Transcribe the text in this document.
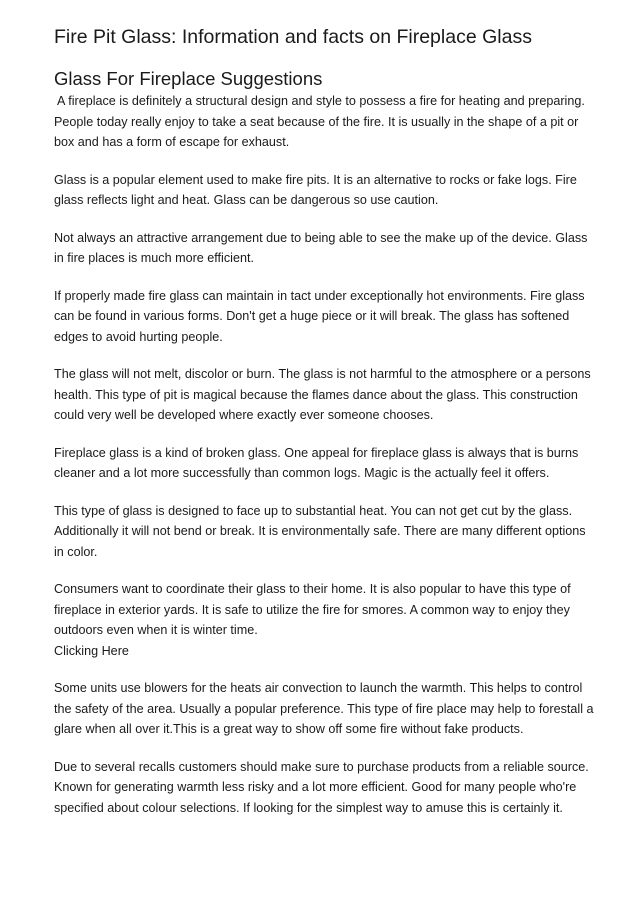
Fire Pit Glass: Information and facts on Fireplace Glass
Glass For Fireplace Suggestions

A fireplace is definitely a structural design and style to possess a fire for heating and preparing. People today really enjoy to take a seat because of the fire. It is usually in the shape of a pit or box and has a form of escape for exhaust.

Glass is a popular element used to make fire pits. It is an alternative to rocks or fake logs. Fire glass reflects light and heat. Glass can be dangerous so use caution.

Not always an attractive arrangement due to being able to see the make up of the device. Glass in fire places is much more efficient.

If properly made fire glass can maintain in tact under exceptionally hot environments. Fire glass can be found in various forms. Don't get a huge piece or it will break. The glass has softened edges to avoid hurting people.

The glass will not melt, discolor or burn. The glass is not harmful to the atmosphere or a persons health. This type of pit is magical because the flames dance about the glass. This construction could very well be developed where exactly ever someone chooses.

Fireplace glass is a kind of broken glass. One appeal for fireplace glass is always that is burns cleaner and a lot more successfully than common logs. Magic is the actually feel it offers.

This type of glass is designed to face up to substantial heat. You can not get cut by the glass. Additionally it will not bend or break. It is environmentally safe. There are many different options in color.

Consumers want to coordinate their glass to their home. It is also popular to have this type of fireplace in exterior yards. It is safe to utilize the fire for smores. A common way to enjoy they outdoors even when it is winter time.

Clicking Here

Some units use blowers for the heats air convection to launch the warmth. This helps to control the safety of the area. Usually a popular preference. This type of fire place may help to forestall a glare when all over it.This is a great way to show off some fire without fake products.

Due to several recalls customers should make sure to purchase products from a reliable source. Known for generating warmth less risky and a lot more efficient. Good for many people who're specified about colour selections. If looking for the simplest way to amuse this is certainly it.
